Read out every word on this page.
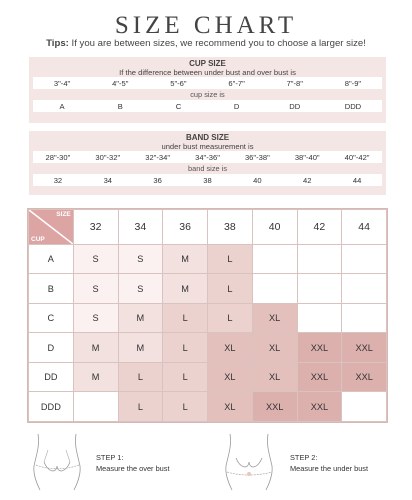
SIZE CHART
Tips: If you are between sizes, we recommend you to choose a larger size!
CUP SIZE
If the difference between under bust and over bust is
3"-4"	4"-5"	5"-6"	6"-7"	7"-8"	8"-9"
cup size is
A	B	C	D	DD	DDD
BAND SIZE
under bust measurement is
28"-30"	30"-32"	32"-34"	34"-36"	36"-38"	38"-40"	40"-42"
band size is
32	34	36	38	40	42	44
SIZE
CUP	32	34	36	38	40	42	44
A	S	S	M	L			
B	S	S	M	L			
C	S	M	L	L	XL		
D	M	M	L	XL	XL	XXL	XXL
DD	M	L	L	XL	XL	XXL	XXL
DDD		L	L	XL	XXL	XXL	
STEP 1:
Measure the over bust
STEP 2:
Measure the under bust
